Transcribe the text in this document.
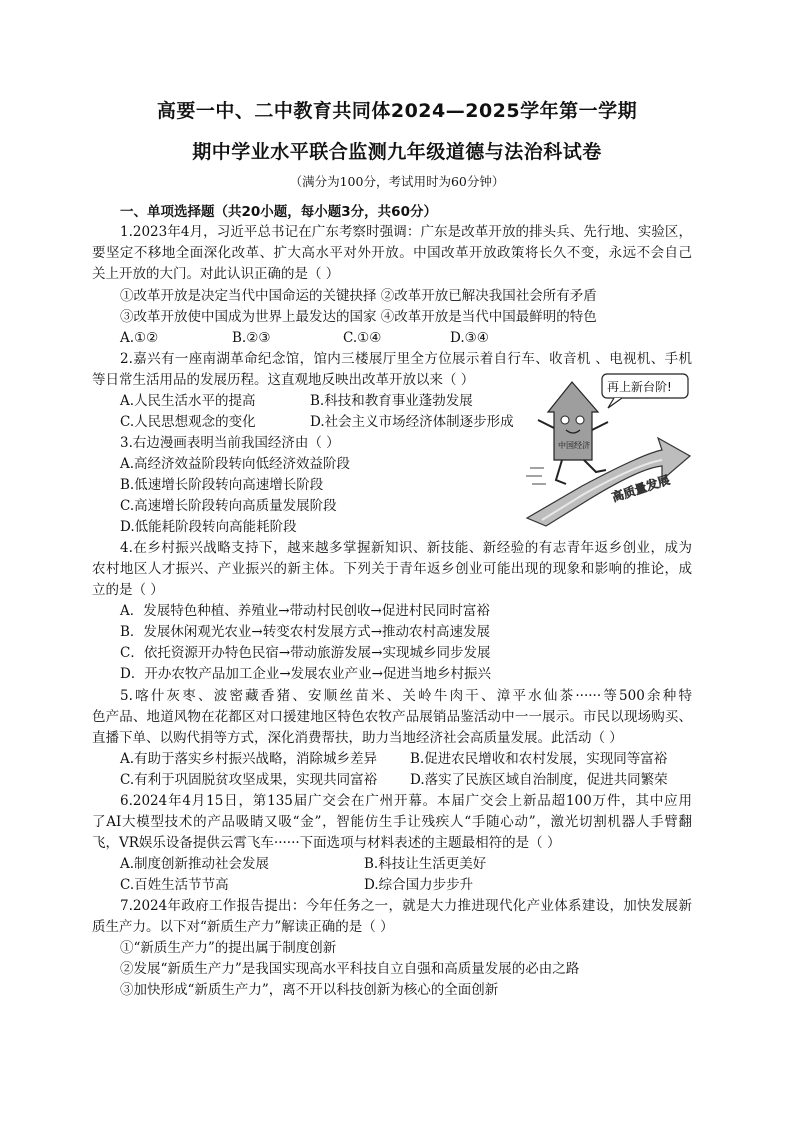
高要一中、二中教育共同体2024—2025学年第一学期
期中学业水平联合监测九年级道德与法治科试卷
（满分为100分，考试用时为60分钟）
一、单项选择题（共20小题，每小题3分，共60分）
1.2023年4月，习近平总书记在广东考察时强调：广东是改革开放的排头兵、先行地、实验区，
要坚定不移地全面深化改革、扩大高水平对外开放。中国改革开放政策将长久不变，永远不会自己
关上开放的大门。对此认识正确的是（ ）
①改革开放是决定当代中国命运的关键抉择 ②改革开放已解决我国社会所有矛盾
③改革开放使中国成为世界上最发达的国家 ④改革开放是当代中国最鲜明的特色
A.①②	B.②③	C.①④	D.③④
2.嘉兴有一座南湖革命纪念馆，馆内三楼展厅里全方位展示着自行车、收音机 、电视机、手机
等日常生活用品的发展历程。这直观地反映出改革开放以来（ ）
A.人民生活水平的提高	B.科技和教育事业蓬勃发展
C.人民思想观念的变化	D.社会主义市场经济体制逐步形成
3.右边漫画表明当前我国经济由（ ）
A.高经济效益阶段转向低经济效益阶段
B.低速增长阶段转向高速增长阶段
C.高速增长阶段转向高质量发展阶段
D.低能耗阶段转向高能耗阶段
高质量发展
再上新台阶!
中国经济
4.在乡村振兴战略支持下，越来越多掌握新知识、新技能、新经验的有志青年返乡创业，成为
农村地区人才振兴、产业振兴的新主体。下列关于青年返乡创业可能出现的现象和影响的推论，成
立的是（ ）
A．发展特色种植、养殖业→带动村民创收→促进村民同时富裕
B．发展休闲观光农业→转变农村发展方式→推动农村高速发展
C．依托资源开办特色民宿→带动旅游发展→实现城乡同步发展
D．开办农牧产品加工企业→发展农业产业→促进当地乡村振兴
5.喀什灰枣、波密藏香猪、安顺丝苗米、关岭牛肉干、漳平水仙茶······等500余种特
色产品、地道风物在花都区对口援建地区特色农牧产品展销品鉴活动中一一展示。市民以现场购买、
直播下单、以购代捐等方式，深化消费帮扶，助力当地经济社会高质量发展。此活动（ ）
A.有助于落实乡村振兴战略，消除城乡差异 B.促进农民增收和农村发展，实现同等富裕
C.有利于巩固脱贫攻坚成果，实现共同富裕 D.落实了民族区域自治制度，促进共同繁荣
6.2024年4月15日，第135届广交会在广州开幕。本届广交会上新品超100万件，其中应用
了AI大模型技术的产品吸睛又吸“金”，智能仿生手让残疾人“手随心动”，激光切割机器人手臂翻
飞，VR娱乐设备提供云霄飞车······下面选项与材料表述的主题最相符的是（ ）
A.制度创新推动社会发展	B.科技让生活更美好
C.百姓生活节节高	D.综合国力步步升
7.2024年政府工作报告提出：今年任务之一，就是大力推进现代化产业体系建设，加快发展新
质生产力。以下对“新质生产力”解读正确的是（ ）
①“新质生产力”的提出属于制度创新
②发展“新质生产力”是我国实现高水平科技自立自强和高质量发展的必由之路
③加快形成“新质生产力”，离不开以科技创新为核心的全面创新
